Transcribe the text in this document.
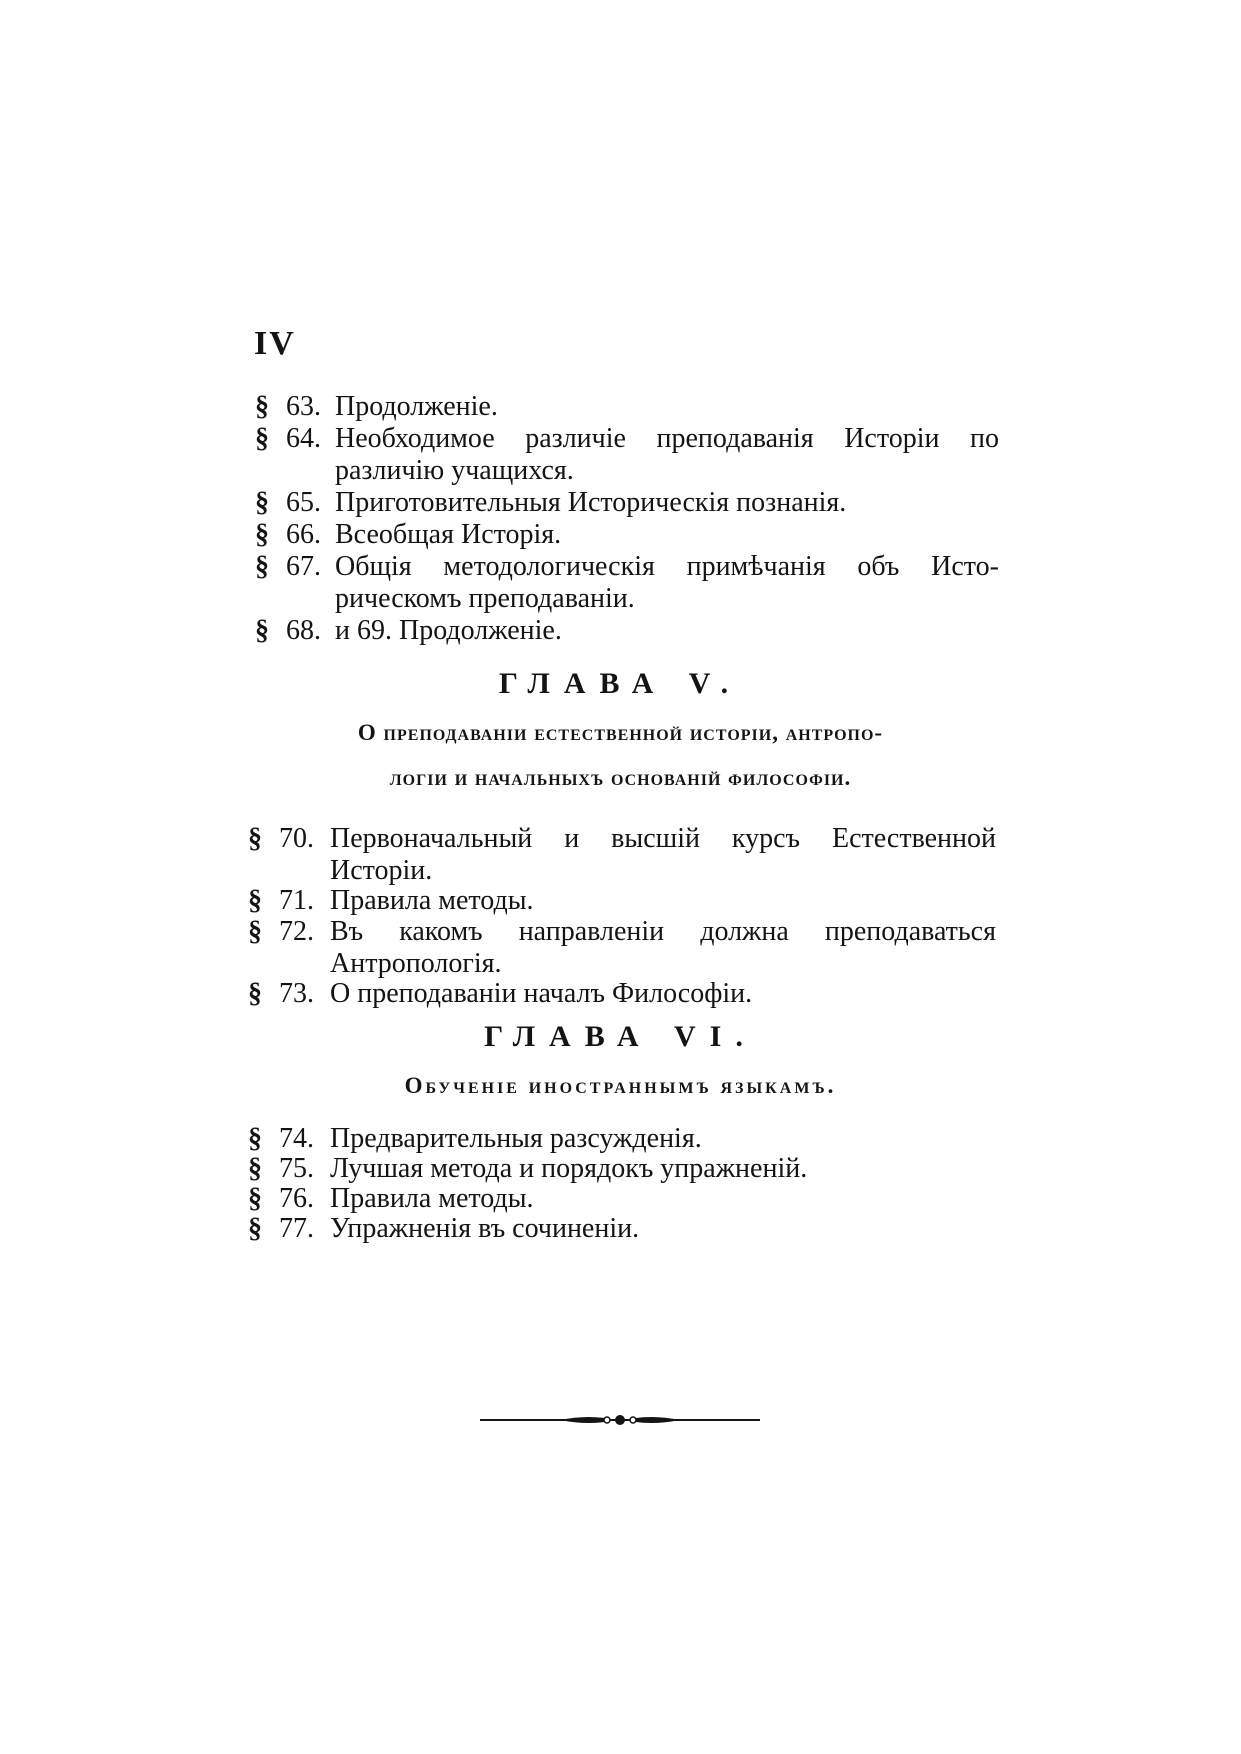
IV
§ 63. Продолженіе.
§ 64. Необходимое различіе преподаванія Исторіи по
различію учащихся.
§ 65. Приготовительныя Историческія познанія.
§ 66. Всеобщая Исторія.
§ 67. Общія методологическія примѣчанія объ Исто-
рическомъ преподаваніи.
§ 68. и 69. Продолженіе.
ГЛАВА V.
О преподаваніи естественной исторіи, антропо-
логіи и начальныхъ основаній философіи.
§ 70. Первоначальный и высшій курсъ Естественной
Исторіи.
§ 71. Правила методы.
§ 72. Въ какомъ направленіи должна преподаваться
Антропологія.
§ 73. О преподаваніи началъ Философіи.
ГЛАВА VI.
Обученіе иностраннымъ языкамъ.
§ 74. Предварительныя разсужденія.
§ 75. Лучшая метода и порядокъ упражненій.
§ 76. Правила методы.
§ 77. Упражненія въ сочиненіи.
